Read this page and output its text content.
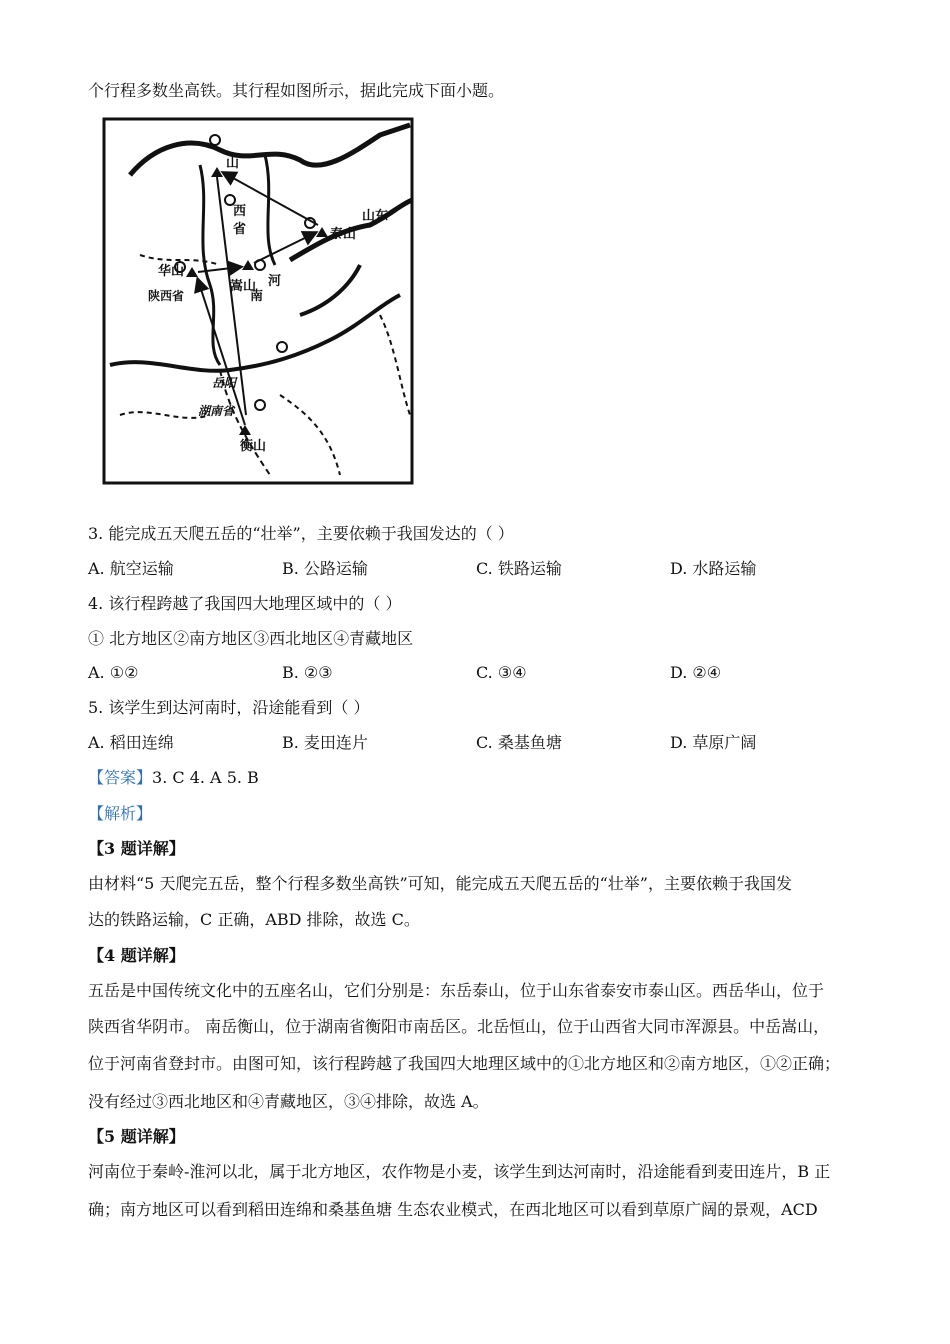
个行程多数坐高铁。其行程如图所示，据此完成下面小题。
山
西
省
河
华山
陕西省
嵩山
南
泰山
山东
岳阳
湖南省
衡山
3. 能完成五天爬五岳的“壮举”，主要依赖于我国发达的（ ）
A. 航空运输	B. 公路运输	C. 铁路运输	D. 水路运输
4. 该行程跨越了我国四大地理区域中的（ ）
① 北方地区②南方地区③西北地区④青藏地区
A. ①②	B. ②③	C. ③④	D. ②④
5. 该学生到达河南时，沿途能看到（ ）
A. 稻田连绵	B. 麦田连片	C. 桑基鱼塘	D. 草原广阔
【答案】3. C 4. A 5. B
【解析】
【3 题详解】
由材料“5 天爬完五岳，整个行程多数坐高铁”可知，能完成五天爬五岳的“壮举”，主要依赖于我国发
达的铁路运输，C 正确，ABD 排除，故选 C。
【4 题详解】
五岳是中国传统文化中的五座名山，它们分别是：东岳泰山，位于山东省泰安市泰山区。西岳华山，位于
陕西省华阴市。 南岳衡山，位于湖南省衡阳市南岳区。北岳恒山，位于山西省大同市浑源县。中岳嵩山，
位于河南省登封市。由图可知，该行程跨越了我国四大地理区域中的①北方地区和②南方地区，①②正确；
没有经过③西北地区和④青藏地区，③④排除，故选 A。
【5 题详解】
河南位于秦岭-淮河以北，属于北方地区，农作物是小麦，该学生到达河南时，沿途能看到麦田连片，B 正
确；南方地区可以看到稻田连绵和桑基鱼塘 生态农业模式，在西北地区可以看到草原广阔的景观，ACD
